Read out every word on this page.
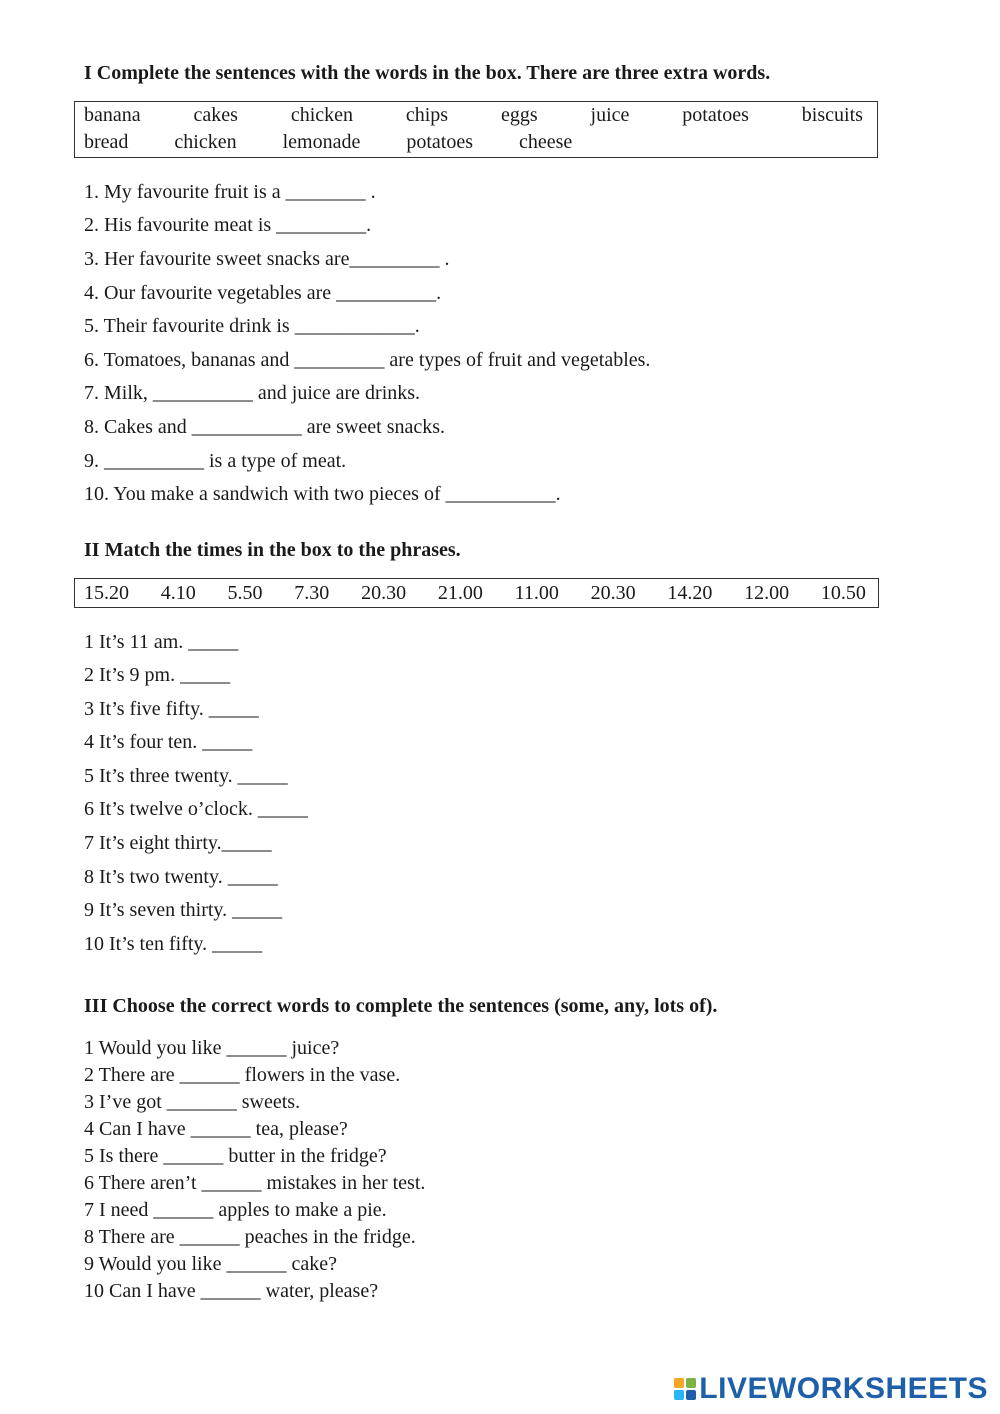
I Complete the sentences with the words in the box. There are three extra words.

banana	cakes	chicken	chips	eggs	juice	potatoes	biscuits
bread chicken lemonade potatoes cheese

1. My favourite fruit is a ________ .

2. His favourite meat is _________.

3. Her favourite sweet snacks are_________ .

4. Our favourite vegetables are __________.

5. Their favourite drink is ____________.

6. Tomatoes, bananas and _________ are types of fruit and vegetables.

7. Milk, __________ and juice are drinks.

8. Cakes and ___________ are sweet snacks.

9. __________ is a type of meat.

10. You make a sandwich with two pieces of ___________.

II Match the times in the box to the phrases.

15.20 4.10 5.50 7.30 20.30 21.00 11.00 20.30 14.20 12.00 10.50

1 It’s 11 am. _____

2 It’s 9 pm. _____

3 It’s five fifty. _____

4 It’s four ten. _____

5 It’s three twenty. _____

6 It’s twelve o’clock. _____

7 It’s eight thirty._____

8 It’s two twenty. _____

9 It’s seven thirty. _____

10 It’s ten fifty. _____

III Choose the correct words to complete the sentences (some, any, lots of).

1 Would you like ______ juice?

2 There are ______ flowers in the vase.

3 I’ve got _______ sweets.

4 Can I have ______ tea, please?

5 Is there ______ butter in the fridge?

6 There aren’t ______ mistakes in her test.

7 I need ______ apples to make a pie.

8 There are ______ peaches in the fridge.

9 Would you like ______ cake?

10 Can I have ______ water, please?

LIVEWORKSHEETS
